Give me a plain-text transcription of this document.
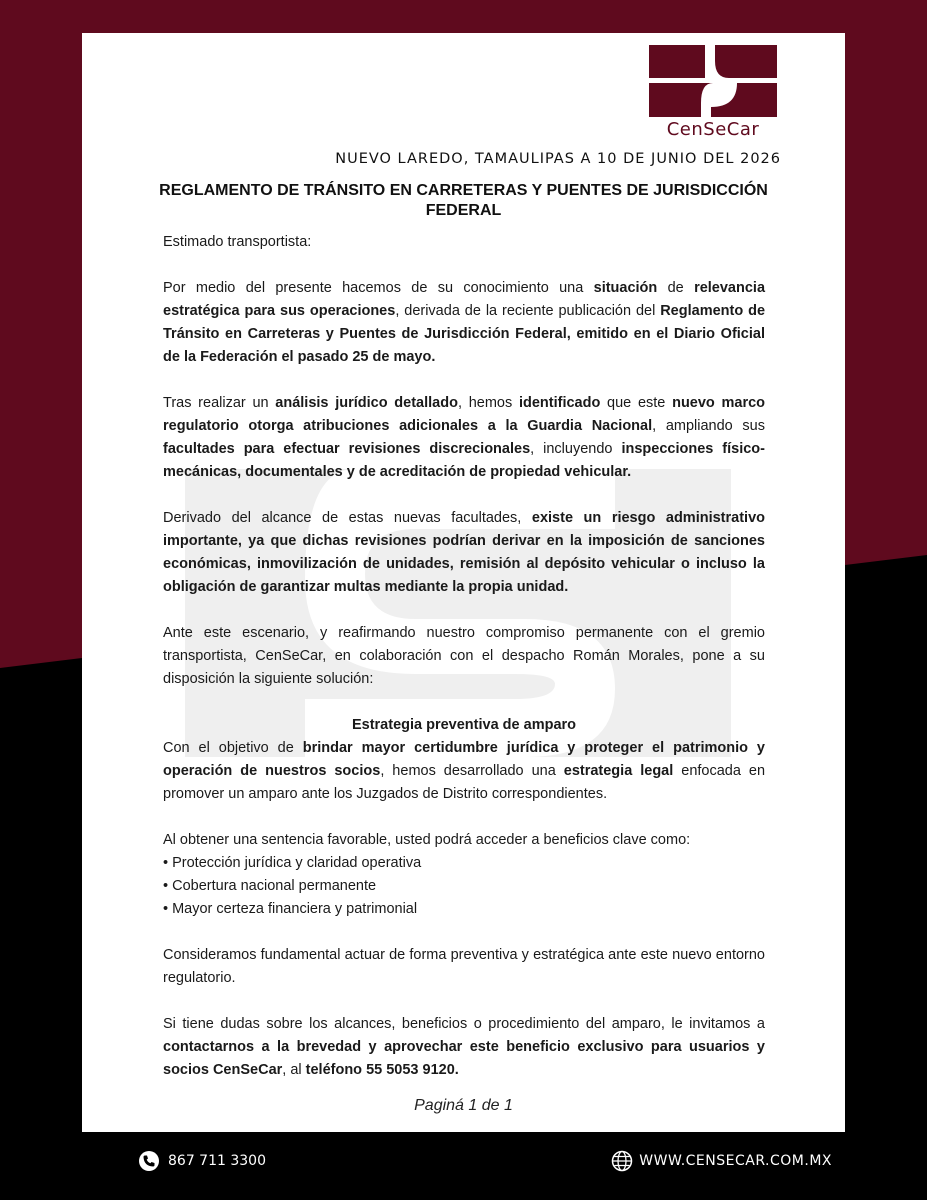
CenSeCar
NUEVO LAREDO, TAMAULIPAS A 10 DE JUNIO DEL 2026
REGLAMENTO DE TRÁNSITO EN CARRETERAS Y PUENTES DE JURISDICCIÓN FEDERAL

Estimado transportista:

Por medio del presente hacemos de su conocimiento una situación de relevancia estratégica para sus operaciones, derivada de la reciente publicación del Reglamento de Tránsito en Carreteras y Puentes de Jurisdicción Federal, emitido en el Diario Oficial de la Federación el pasado 25 de mayo.

Tras realizar un análisis jurídico detallado, hemos identificado que este nuevo marco regulatorio otorga atribuciones adicionales a la Guardia Nacional, ampliando sus facultades para efectuar revisiones discrecionales, incluyendo inspecciones físico-mecánicas, documentales y de acreditación de propiedad vehicular.

Derivado del alcance de estas nuevas facultades, existe un riesgo administrativo importante, ya que dichas revisiones podrían derivar en la imposición de sanciones económicas, inmovilización de unidades, remisión al depósito vehicular o incluso la obligación de garantizar multas mediante la propia unidad.

Ante este escenario, y reafirmando nuestro compromiso permanente con el gremio transportista, CenSeCar, en colaboración con el despacho Román Morales, pone a su disposición la siguiente solución:

Estrategia preventiva de amparo

Con el objetivo de brindar mayor certidumbre jurídica y proteger el patrimonio y operación de nuestros socios, hemos desarrollado una estrategia legal enfocada en promover un amparo ante los Juzgados de Distrito correspondientes.

Al obtener una sentencia favorable, usted podrá acceder a beneficios clave como:

• Protección jurídica y claridad operativa

• Cobertura nacional permanente

• Mayor certeza financiera y patrimonial

Consideramos fundamental actuar de forma preventiva y estratégica ante este nuevo entorno regulatorio.

Si tiene dudas sobre los alcances, beneficios o procedimiento del amparo, le invitamos a contactarnos a la brevedad y aprovechar este beneficio exclusivo para usuarios y socios CenSeCar, al teléfono 55 5053 9120.

Paginá 1 de 1
867 711 3300	WWW.CENSECAR.COM.MX
